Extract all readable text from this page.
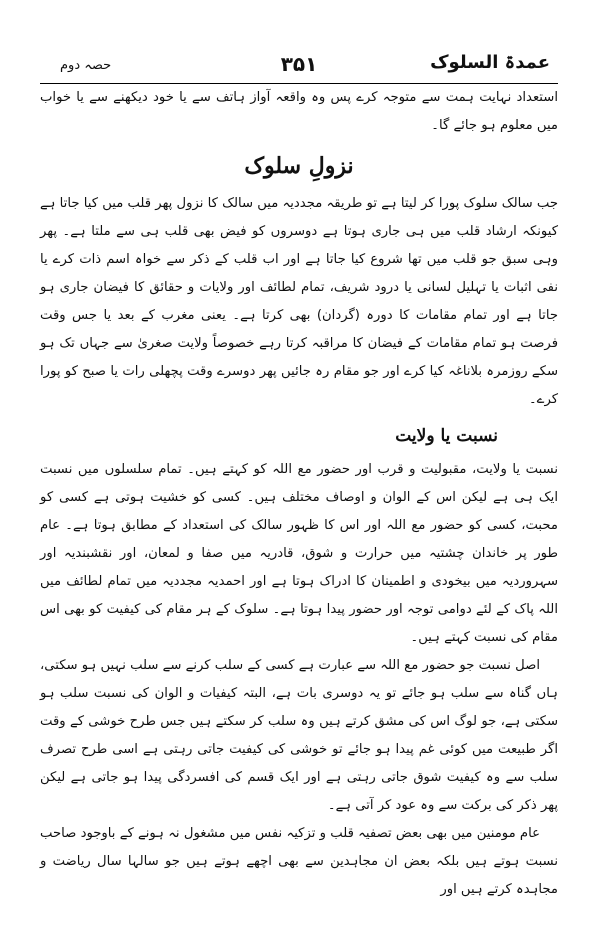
عمدۃ السلوک
۳۵۱
حصہ دوم

استعداد نہایت ہمت سے متوجہ کرے پس وہ واقعہ آواز ہاتف سے یا خود دیکھنے سے یا خواب میں معلوم ہو جائے گا۔

نزولِ سلوک

جب سالک سلوک پورا کر لیتا ہے تو طریقہ مجددیہ میں سالک کا نزول پھر قلب میں کیا جاتا ہے کیونکہ ارشاد قلب میں ہی جاری ہوتا ہے دوسروں کو فیض بھی قلب ہی سے ملتا ہے۔ پھر وہی سبق جو قلب میں تھا شروع کیا جاتا ہے اور اب قلب کے ذکر سے خواہ اسم ذات کرے یا نفی اثبات یا تہلیل لسانی یا درود شریف، تمام لطائف اور ولایات و حقائق کا فیضان جاری ہو جاتا ہے اور تمام مقامات کا دورہ (گردان) بھی کرتا ہے۔ یعنی مغرب کے بعد یا جس وقت فرصت ہو تمام مقامات کے فیضان کا مراقبہ کرتا رہے خصوصاً ولایت صغریٰ سے جہاں تک ہو سکے روزمرہ بلاناغہ کیا کرے اور جو مقام رہ جائیں پھر دوسرے وقت پچھلی رات یا صبح کو پورا کرے۔

نسبت یا ولایت

نسبت یا ولایت، مقبولیت و قرب اور حضور مع اللہ کو کہتے ہیں۔ تمام سلسلوں میں نسبت ایک ہی ہے لیکن اس کے الوان و اوصاف مختلف ہیں۔ کسی کو خشیت ہوتی ہے کسی کو محبت، کسی کو حضور مع اللہ اور اس کا ظہور سالک کی استعداد کے مطابق ہوتا ہے۔ عام طور پر خاندان چشتیہ میں حرارت و شوق، قادریہ میں صفا و لمعان، اور نقشبندیہ اور سہروردیہ میں بیخودی و اطمینان کا ادراک ہوتا ہے اور احمدیہ مجددیہ میں تمام لطائف میں اللہ پاک کے لئے دوامی توجہ اور حضور پیدا ہوتا ہے۔ سلوک کے ہر مقام کی کیفیت کو بھی اس مقام کی نسبت کہتے ہیں۔

اصل نسبت جو حضور مع اللہ سے عبارت ہے کسی کے سلب کرنے سے سلب نہیں ہو سکتی، ہاں گناہ سے سلب ہو جائے تو یہ دوسری بات ہے، البتہ کیفیات و الوان کی نسبت سلب ہو سکتی ہے، جو لوگ اس کی مشق کرتے ہیں وہ سلب کر سکتے ہیں جس طرح خوشی کے وقت اگر طبیعت میں کوئی غم پیدا ہو جائے تو خوشی کی کیفیت جاتی رہتی ہے اسی طرح تصرف سلب سے وہ کیفیت شوق جاتی رہتی ہے اور ایک قسم کی افسردگی پیدا ہو جاتی ہے لیکن پھر ذکر کی برکت سے وہ عود کر آتی ہے۔

عام مومنین میں بھی بعض تصفیہ قلب و تزکیہ نفس میں مشغول نہ ہونے کے باوجود صاحب نسبت ہوتے ہیں بلکہ بعض ان مجاہدین سے بھی اچھے ہوتے ہیں جو سالہا سال ریاضت و مجاہدہ کرتے ہیں اور
